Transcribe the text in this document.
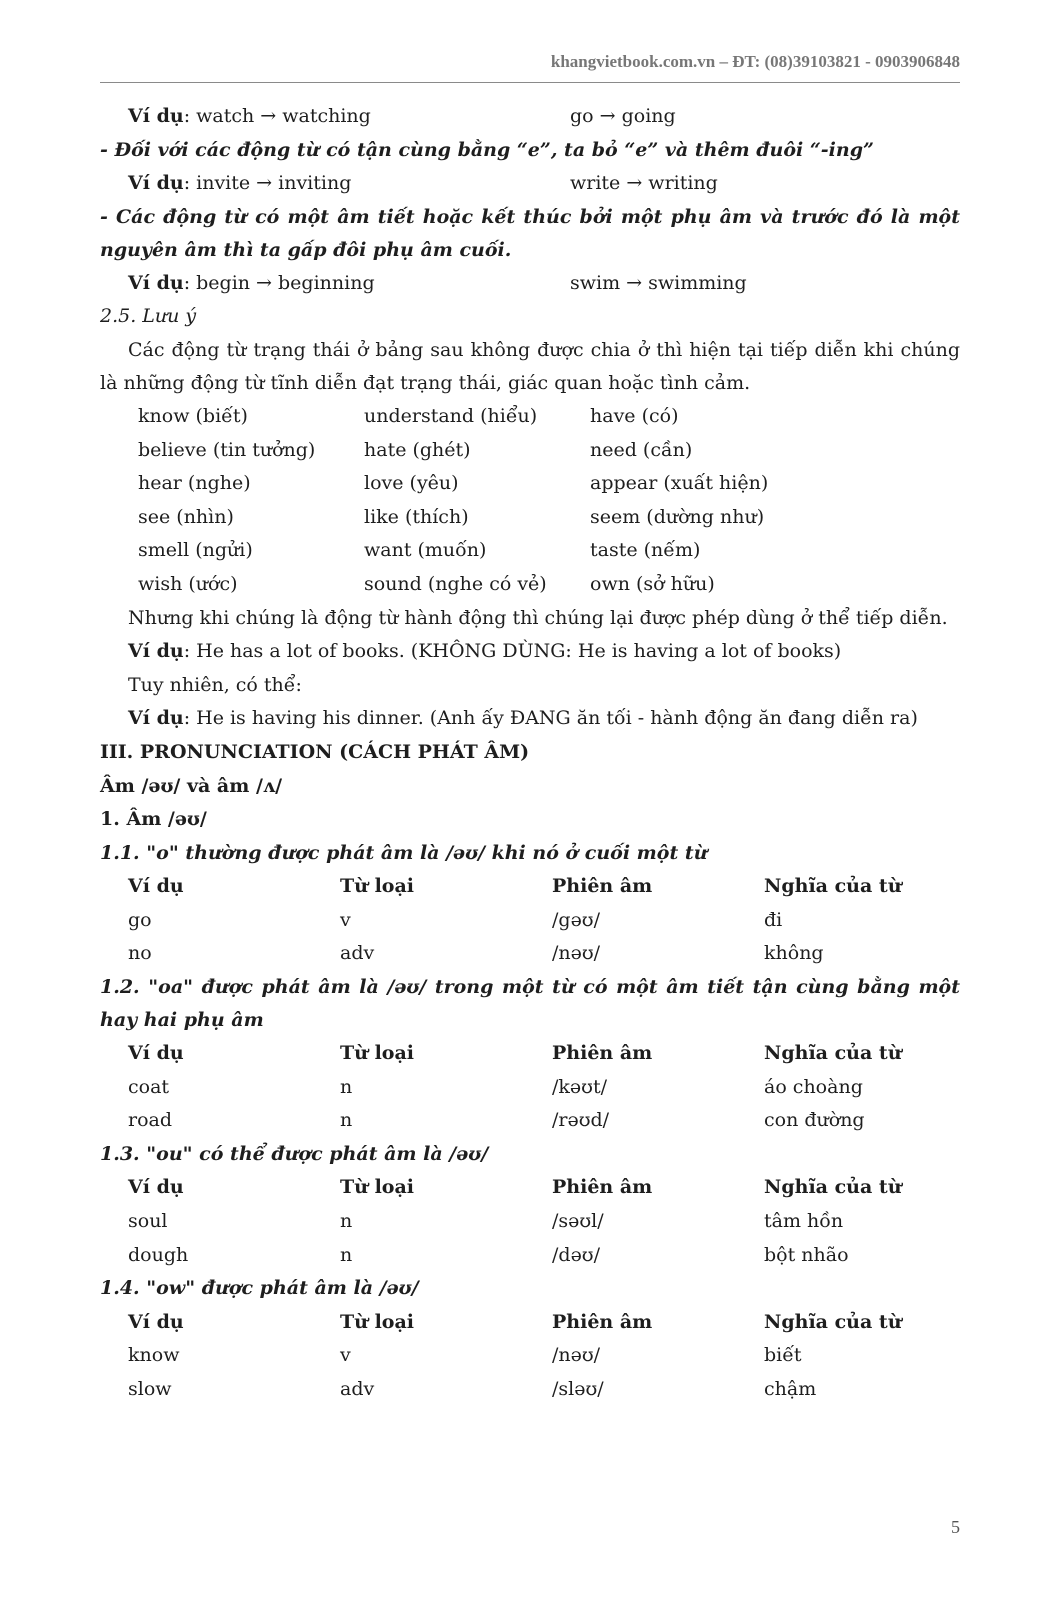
khangvietbook.com.vn – ĐT: (08)39103821 - 0903906848
Ví dụ: watch → watching	go → going
- Đối với các động từ có tận cùng bằng “e”, ta bỏ “e” và thêm đuôi “-ing”
Ví dụ: invite → inviting	write → writing
- Các động từ có một âm tiết hoặc kết thúc bởi một phụ âm và trước đó là một nguyên âm thì ta gấp đôi phụ âm cuối.
Ví dụ: begin → beginning	swim → swimming
2.5. Lưu ý
Các động từ trạng thái ở bảng sau không được chia ở thì hiện tại tiếp diễn khi chúng là những động từ tĩnh diễn đạt trạng thái, giác quan hoặc tình cảm.
know (biết)	understand (hiểu)	have (có)
believe (tin tưởng)	hate (ghét)	need (cần)
hear (nghe)	love (yêu)	appear (xuất hiện)
see (nhìn)	like (thích)	seem (dường như)
smell (ngửi)	want (muốn)	taste (nếm)
wish (ước)	sound (nghe có vẻ)	own (sở hữu)
Nhưng khi chúng là động từ hành động thì chúng lại được phép dùng ở thể tiếp diễn.
Ví dụ : He has a lot of books. (KHÔNG DÙNG: He is having a lot of books)
Tuy nhiên, có thể:
Ví dụ : He is having his dinner. (Anh ấy ĐANG ăn tối - hành động ăn đang diễn ra)
III. PRONUNCIATION (CÁCH PHÁT ÂM)
Âm /əʊ/ và âm /ʌ/
1. Âm /əʊ/
1.1. "o" thường được phát âm là /əʊ/ khi nó ở cuối một từ
Ví dụ	Từ loại	Phiên âm	Nghĩa của từ
go	v	/gəʊ/	đi
no	adv	/nəʊ/	không
1.2. "oa" được phát âm là /əʊ/ trong một từ có một âm tiết tận cùng bằng một hay hai phụ âm
Ví dụ	Từ loại	Phiên âm	Nghĩa của từ
coat	n	/kəʊt/	áo choàng
road	n	/rəʊd/	con đường
1.3. "ou" có thể được phát âm là /əʊ/
Ví dụ	Từ loại	Phiên âm	Nghĩa của từ
soul	n	/səʊl/	tâm hồn
dough	n	/dəʊ/	bột nhão
1.4. "ow" được phát âm là /əʊ/
Ví dụ	Từ loại	Phiên âm	Nghĩa của từ
know	v	/nəʊ/	biết
slow	adv	/sləʊ/	chậm
5
